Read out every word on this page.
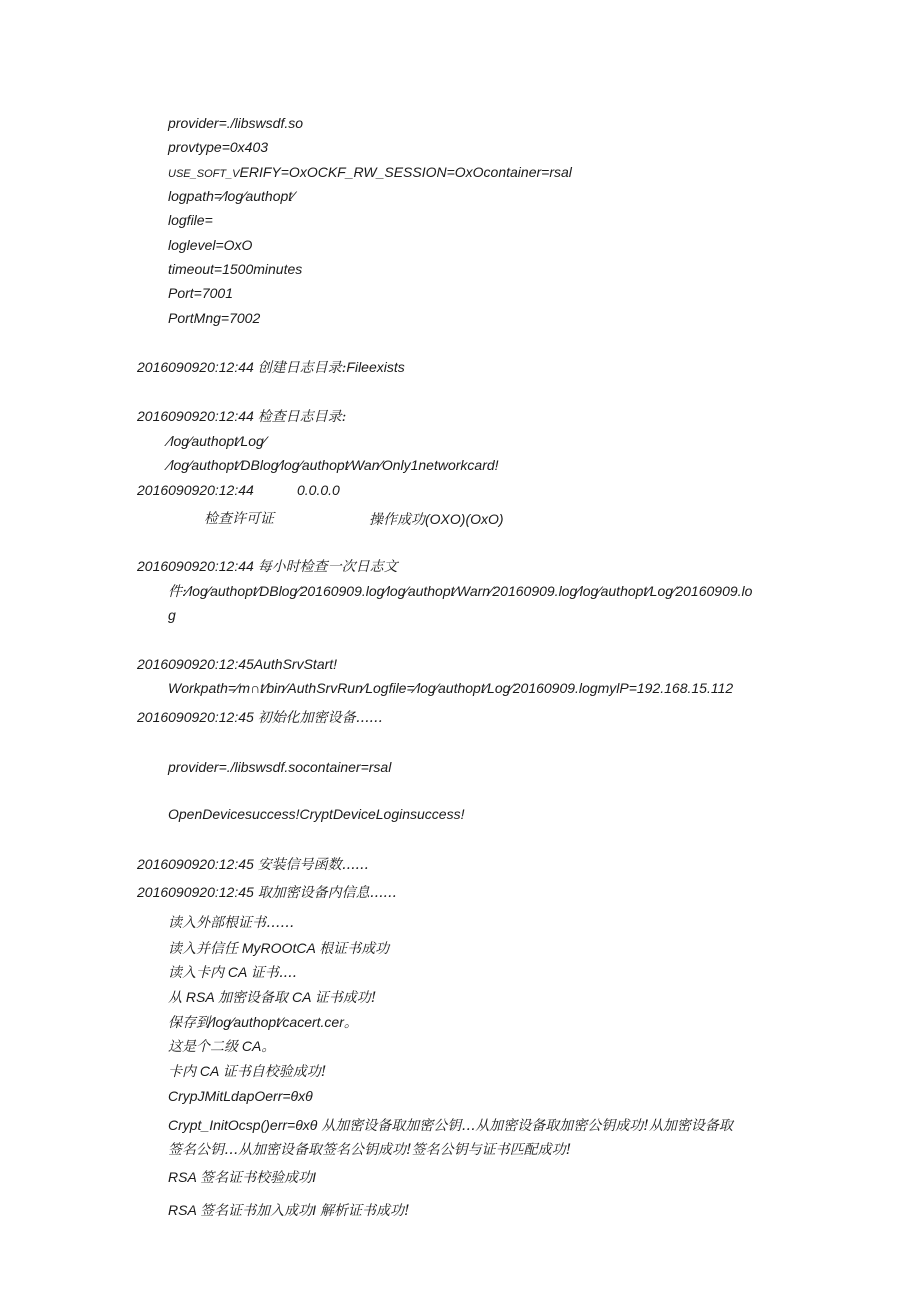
provider=./libswsdf.so
provtype=0x403
USE_SOFT_VERIFY=OxOCKF_RW_SESSION=OxOcontainer=rsal
logpath=⁄log⁄authopt⁄
logfile=
loglevel=OxO
timeout=1500minutes
Port=7001
PortMng=7002
2016090920:12:44 创建日志目录:Fileexists
2016090920:12:44 检查日志目录:
⁄log⁄authopt⁄Log⁄
⁄log⁄authopt⁄DBlog⁄log⁄authopt⁄Wan⁄Only1networkcard!
2016090920:12:44	0.0.0.0
检查许可证	操作成功(OXO)(OxO)
2016090920:12:44 每小时检查一次日志文
件:⁄log⁄authopt⁄DBlog⁄20160909.log⁄log⁄authopt⁄Warn⁄20160909.log⁄log⁄authopt⁄Log⁄20160909.lo
g
2016090920:12:45AuthSrvStart!
Workpath=⁄m∩t⁄bin⁄AuthSrvRun⁄Logfile=⁄log⁄authopt⁄Log⁄20160909.logmylP=192.168.15.112
2016090920:12:45 初始化加密设备......
provider=./libswsdf.socontainer=rsal
OpenDevicesuccess!CryptDeviceLoginsuccess!
2016090920:12:45 安装信号函数......
2016090920:12:45 取加密设备内信息......
读入外部根证书……
读入并信任 MyROOtCA 根证书成功
读入卡内 CA 证书....
从 RSA 加密设备取 CA 证书成功!
保存到⁄log⁄authopt⁄cacert.cer。
这是个二级 CA。
卡内 CA 证书自校验成功!
CrypJMitLdapOerr=θxθ
Crypt_InitOcsp()err=θxθ 从加密设备取加密公钥…从加密设备取加密公钥成功!从加密设备取
签名公钥…从加密设备取签名公钥成功!签名公钥与证书匹配成功!
RSA 签名证书校验成功I
RSA 签名证书加入成功I 解析证书成功!
